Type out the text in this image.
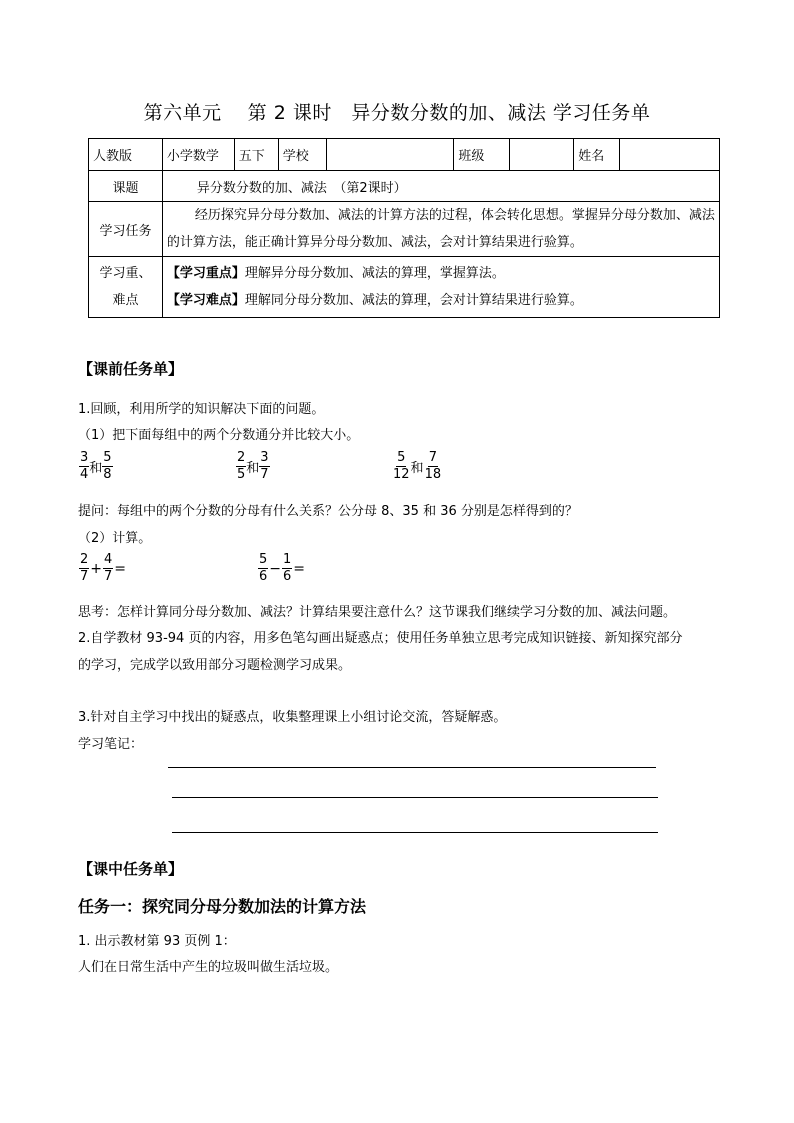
第六单元　 第 2 课时　异分数分数的加、减法 学习任务单
人教版	小学数学	五下	学校		班级		姓名	
课题	异分数分数的加、减法　（第2课时）							
学习任务	经历探究异分母分数加、减法的计算方法的过程，体会转化思想。掌握异分母分数加、减法的计算方法，能正确计算异分母分数加、减法，会对计算结果进行验算。							
学习重、
难点	【学习重点】理解异分母分数加、减法的算理，掌握算法。
【学习难点】理解同分母分数加、减法的算理，会对计算结果进行验算。							
【课前任务单】
1.回顾，利用所学的知识解决下面的问题。
（1）把下面每组中的两个分数通分并比较大小。
$\frac{3}{4}$ 和 $\frac{5}{8}$	$\frac{2}{5}$ 和 $\frac{3}{7}$	$\frac{5}{12}$ 和 $\frac{7}{18}$
提问：每组中的两个分数的分母有什么关系？公分母 8、35 和 36 分别是怎样得到的？
（2）计算。
$\frac{2}{7} + \frac{4}{7}$ =	$\frac{5}{6} - \frac{1}{6}$ =
思考：怎样计算同分母分数加、减法？计算结果要注意什么？这节课我们继续学习分数的加、减法问题。
2.自学教材 93-94 页的内容，用多色笔勾画出疑惑点；使用任务单独立思考完成知识链接、新知探究部分
的学习，完成学以致用部分习题检测学习成果。
3.针对自主学习中找出的疑惑点，收集整理课上小组讨论交流，答疑解惑。
学习笔记：
【课中任务单】
任务一：探究同分母分数加法的计算方法
1. 出示教材第 93 页例 1：
人们在日常生活中产生的垃圾叫做生活垃圾。
